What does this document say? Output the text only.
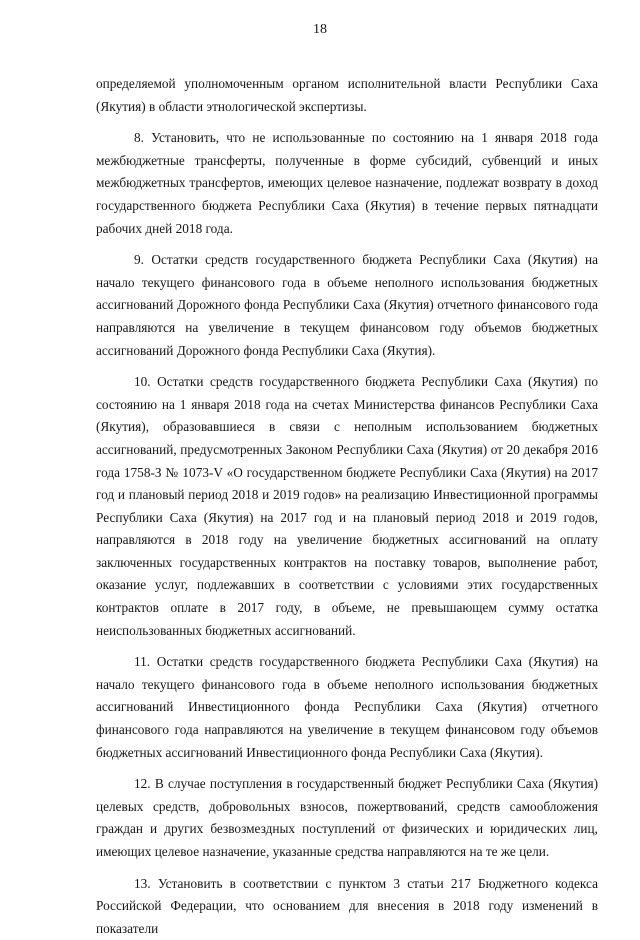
18

определяемой уполномоченным органом исполнительной власти Республики Саха (Якутия) в области этнологической экспертизы.

8. Установить, что не использованные по состоянию на 1 января 2018 года межбюджетные трансферты, полученные в форме субсидий, субвенций и иных межбюджетных трансфертов, имеющих целевое назначение, подлежат возврату в доход государственного бюджета Республики Саха (Якутия) в течение первых пятнадцати рабочих дней 2018 года.

9. Остатки средств государственного бюджета Республики Саха (Якутия) на начало текущего финансового года в объеме неполного использования бюджетных ассигнований Дорожного фонда Республики Саха (Якутия) отчетного финансового года направляются на увеличение в текущем финансовом году объемов бюджетных ассигнований Дорожного фонда Республики Саха (Якутия).

10. Остатки средств государственного бюджета Республики Саха (Якутия) по состоянию на 1 января 2018 года на счетах Министерства финансов Республики Саха (Якутия), образовавшиеся в связи с неполным использованием бюджетных ассигнований, предусмотренных Законом Республики Саха (Якутия) от 20 декабря 2016 года 1758-З № 1073-V «О государственном бюджете Республики Саха (Якутия) на 2017 год и плановый период 2018 и 2019 годов» на реализацию Инвестиционной программы Республики Саха (Якутия) на 2017 год и на плановый период 2018 и 2019 годов, направляются в 2018 году на увеличение бюджетных ассигнований на оплату заключенных государственных контрактов на поставку товаров, выполнение работ, оказание услуг, подлежавших в соответствии с условиями этих государственных контрактов оплате в 2017 году, в объеме, не превышающем сумму остатка неиспользованных бюджетных ассигнований.

11. Остатки средств государственного бюджета Республики Саха (Якутия) на начало текущего финансового года в объеме неполного использования бюджетных ассигнований Инвестиционного фонда Республики Саха (Якутия) отчетного финансового года направляются на увеличение в текущем финансовом году объемов бюджетных ассигнований Инвестиционного фонда Республики Саха (Якутия).

12. В случае поступления в государственный бюджет Республики Саха (Якутия) целевых средств, добровольных взносов, пожертвований, средств самообложения граждан и других безвозмездных поступлений от физических и юридических лиц, имеющих целевое назначение, указанные средства направляются на те же цели.

13. Установить в соответствии с пунктом 3 статьи 217 Бюджетного кодекса Российской Федерации, что основанием для внесения в 2018 году изменений в показатели
